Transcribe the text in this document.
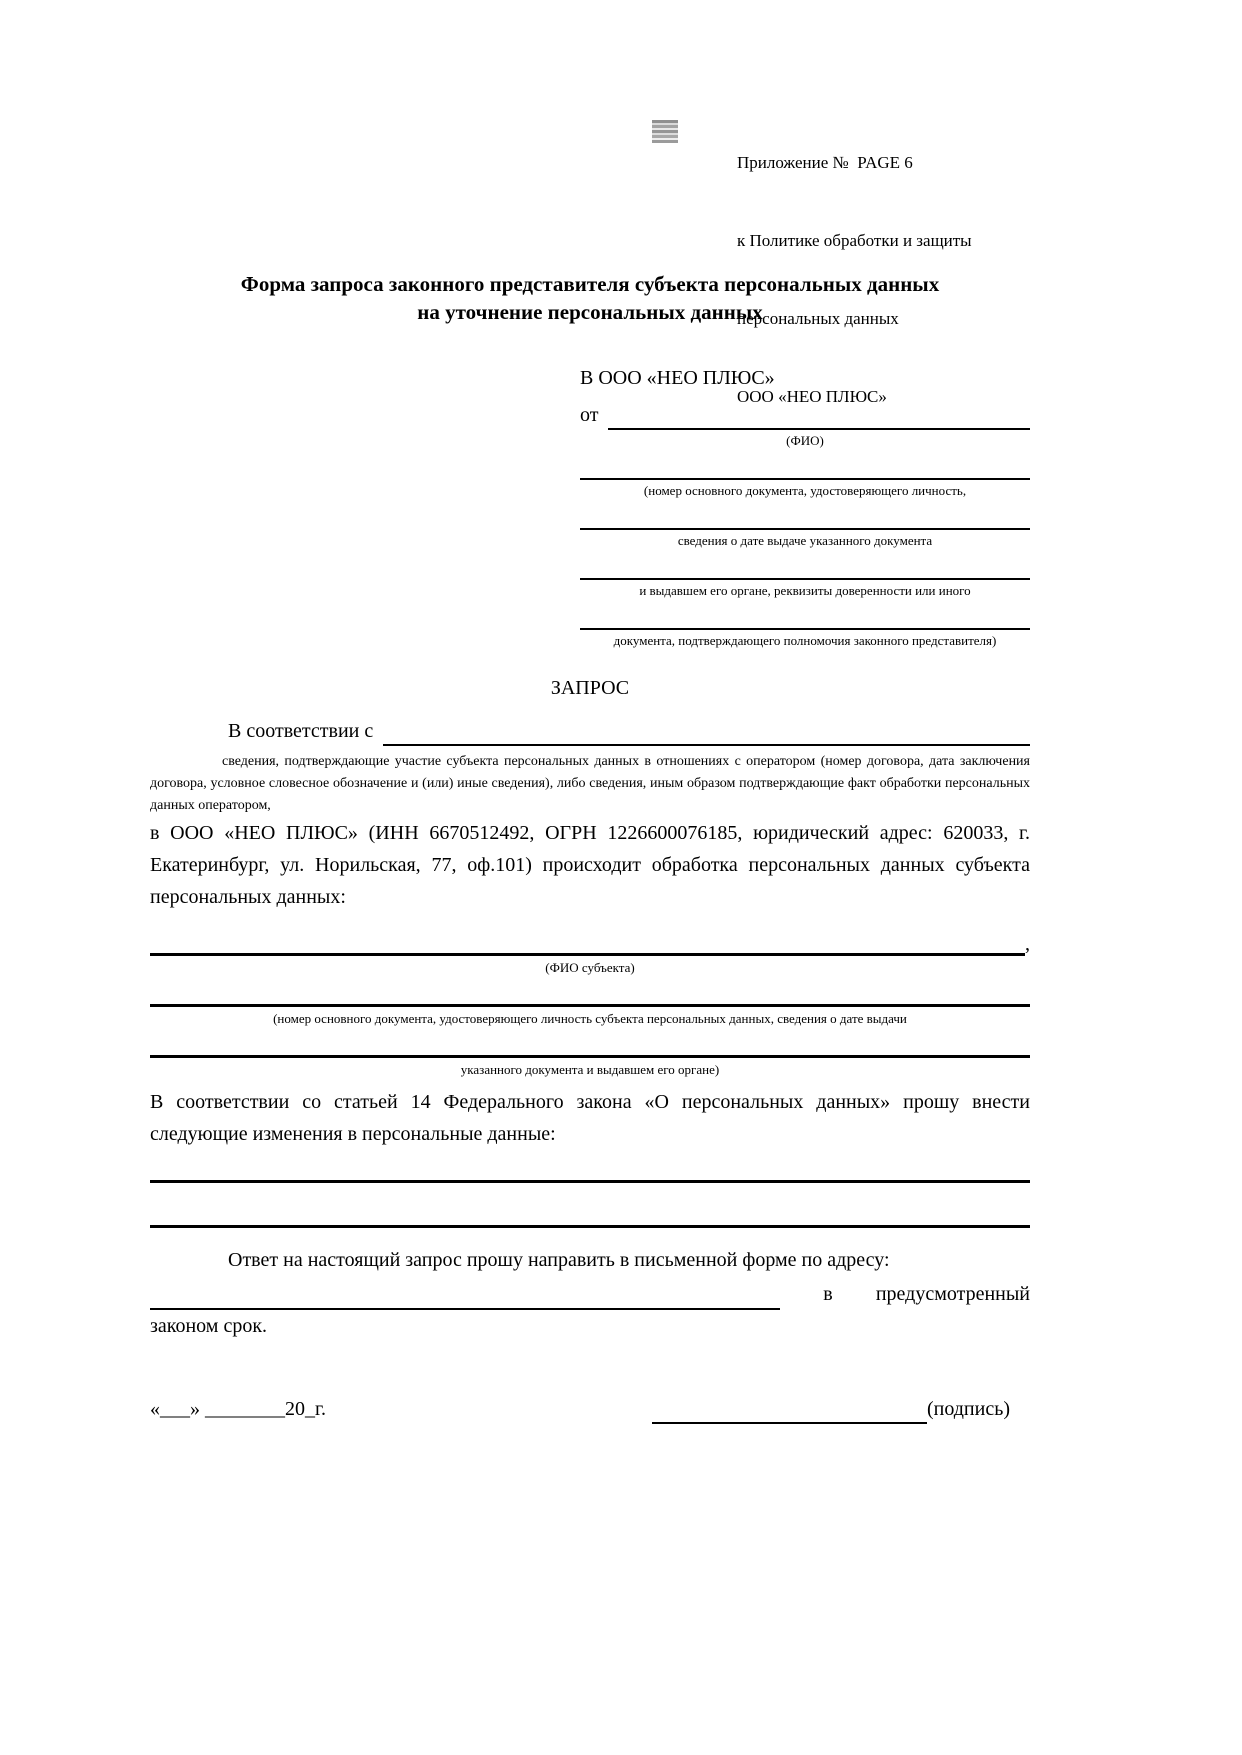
Приложение №  PAGE 6

к Политике обработки и защиты

персональных данных

ООО «НЕО ПЛЮС»

Форма запроса законного представителя субъекта персональных данных
на уточнение персональных данных
В ООО «НЕО ПЛЮС»
от
(ФИО)
(номер основного документа, удостоверяющего личность,
сведения о дате выдаче указанного документа
и выдавшем его органе, реквизиты доверенности или иного
документа, подтверждающего полномочия законного представителя)
ЗАПРОС
В соответствии с
сведения, подтверждающие участие субъекта персональных данных в отношениях с оператором (номер договора, дата заключения договора, условное словесное обозначение и (или) иные сведения), либо сведения, иным образом подтверждающие факт обработки персональных данных оператором,
в ООО «НЕО ПЛЮС» (ИНН 6670512492, ОГРН 1226600076185, юридический адрес: 620033, г. Екатеринбург, ул. Норильская, 77, оф.101) происходит обработка персональных данных субъекта персональных данных:
,
(ФИО субъекта)
(номер основного документа, удостоверяющего личность субъекта персональных данных, сведения о дате выдачи
указанного документа и выдавшем его органе)
В соответствии со статьей 14 Федерального закона «О персональных данных» прошу внести следующие изменения в персональные данные:
Ответ на настоящий запрос прошу направить в письменной форме по адресу:
в предусмотренный
законом срок.
«___» ________20_г.	(подпись)
